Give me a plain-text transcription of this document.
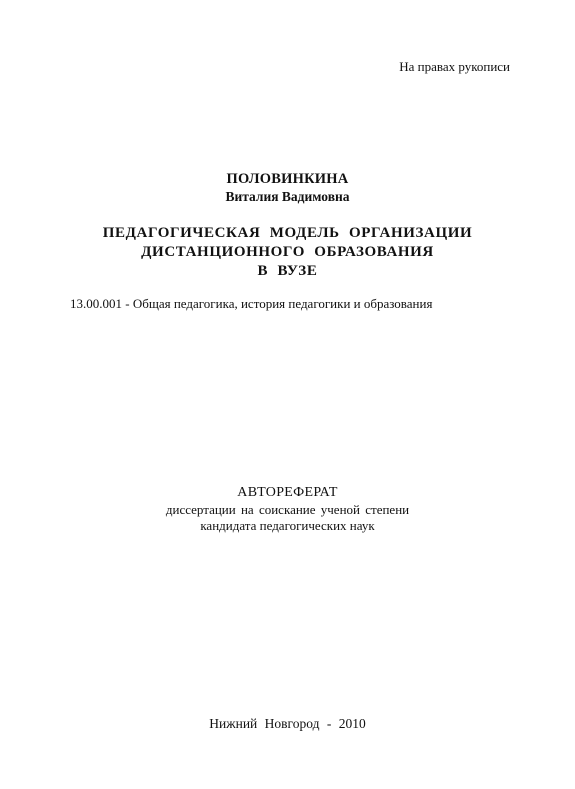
На правах рукописи
ПОЛОВИНКИНА
Виталия Вадимовна
ПЕДАГОГИЧЕСКАЯ МОДЕЛЬ ОРГАНИЗАЦИИ
ДИСТАНЦИОННОГО ОБРАЗОВАНИЯ
В ВУЗЕ
13.00.001 - Общая педагогика, история педагогики и образования
АВТОРЕФЕРАТ
диссертации на соискание ученой степени
кандидата педагогических наук
Нижний Новгород - 2010
